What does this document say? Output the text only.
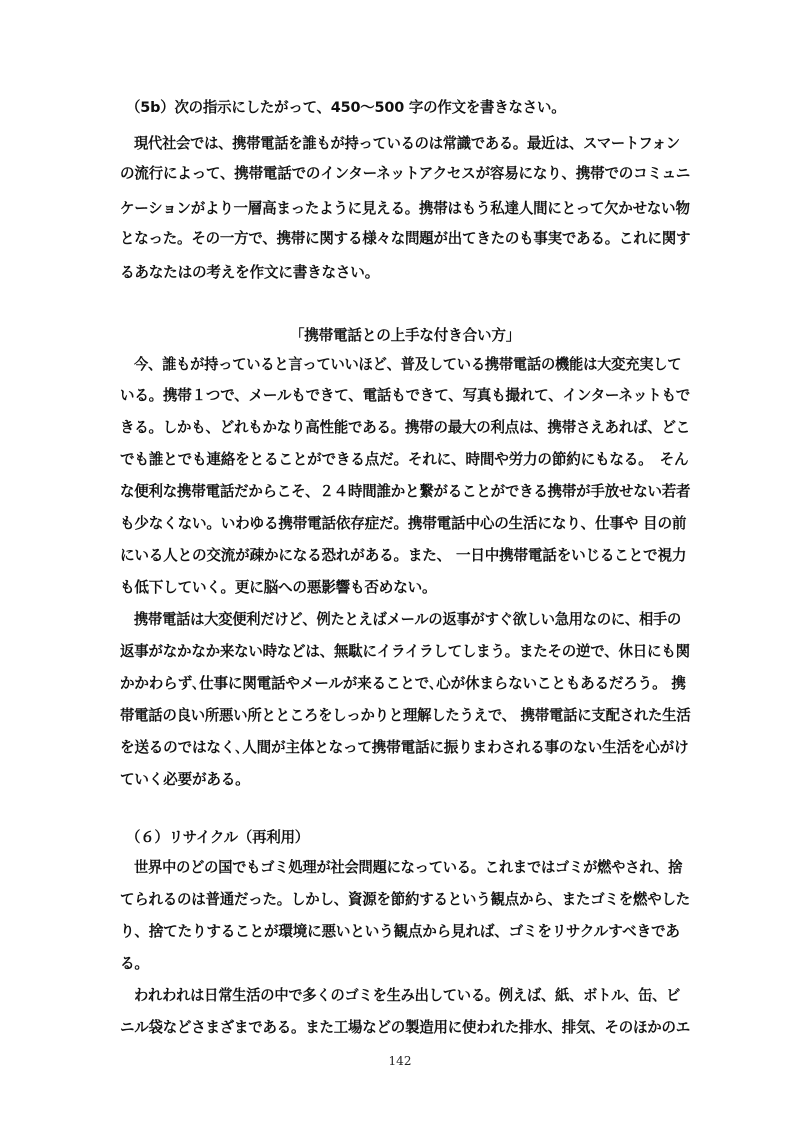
（5b）次の指示にしたがって、450〜500 字の作文を書きなさい。
現代社会では、携帯電話を誰もが持っているのは常識である。最近は、スマートフォン
の流行によって、携帯電話でのインターネットアクセスが容易になり、携帯でのコミュニ
ケーションがより一層高まったように見える。携帯はもう私達人間にとって欠かせない物
となった。その一方で、携帯に関する様々な問題が出てきたのも事実である。これに関す
るあなたはの考えを作文に書きなさい。
「携帯電話との上手な付き合い方」
今、誰もが持っていると言っていいほど、普及している携帯電話の機能は大変充実して
いる。携帯１つで、メールもできて、電話もできて、写真も撮れて、インターネットもで
きる。しかも、どれもかなり高性能である。携帯の最大の利点は、携帯さえあれば、どこ
でも誰とでも連絡をとることができる点だ。それに、時間や労力の節約にもなる。　そん
な便利な携帯電話だからこそ、２４時間誰かと繋がることができる携帯が手放せない若者
も少なくない。いわゆる携帯電話依存症だ。携帯電話中心の生活になり、仕事や 目の前
にいる人との交流が疎かになる恐れがある。また、 一日中携帯電話をいじることで視力
も低下していく。更に脳への悪影響も否めない。
携帯電話は大変便利だけど、例たとえばメールの返事がすぐ欲しい急用なのに、相手の
返事がなかなか来ない時などは、無駄にイライラしてしまう。またその逆で、休日にも関
かかわらず､仕事に関電話やメールが来ることで､心が休まらないこともあるだろう。 携
帯電話の良い所悪い所とところをしっかりと理解したうえで、 携帯電話に支配された生活
を送るのではなく､人間が主体となって携帯電話に振りまわされる事のない生活を心がけ
ていく必要がある。
（６）リサイクル（再利用）
世界中のどの国でもゴミ処理が社会問題になっている。これまではゴミが燃やされ、捨
てられるのは普通だった。しかし、資源を節約するという観点から、またゴミを燃やした
り、捨てたりすることが環境に悪いという観点から見れば、ゴミをリサクルすべきであ
る。
われわれは日常生活の中で多くのゴミを生み出している。例えば、紙、ボトル、缶、ビ
ニル袋などさまざまである。また工場などの製造用に使われた排水、排気、そのほかのエ
142
